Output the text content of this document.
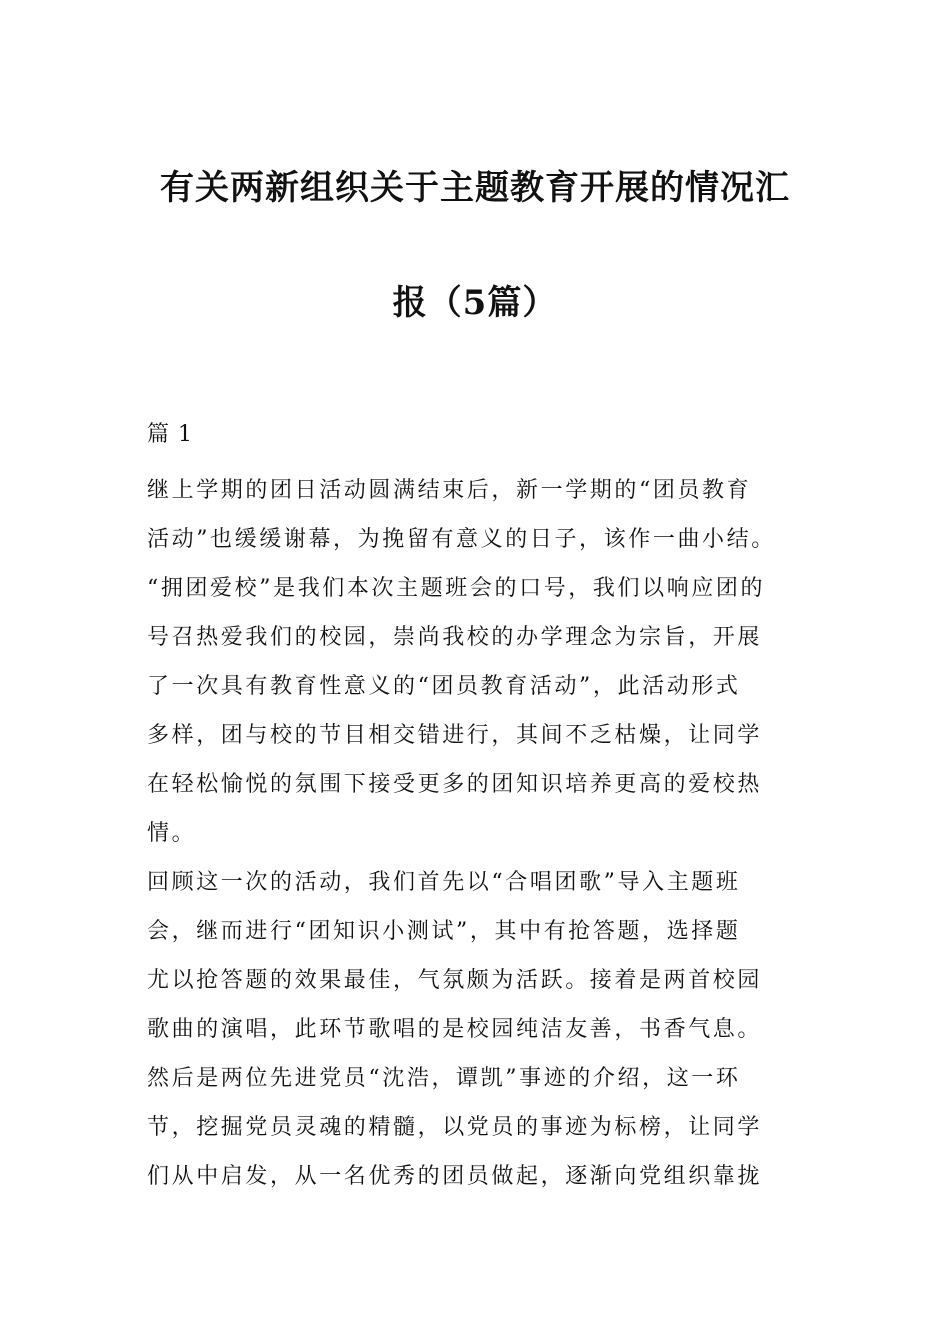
有关两新组织关于主题教育开展的情况汇
报（5篇）
篇 1
继上学期的团日活动圆满结束后，新一学期的“团员教育
活动”也缓缓谢幕，为挽留有意义的日子，该作一曲小结。
“拥团爱校”是我们本次主题班会的口号，我们以响应团的
号召热爱我们的校园，崇尚我校的办学理念为宗旨，开展
了一次具有教育性意义的“团员教育活动”，此活动形式
多样，团与校的节目相交错进行，其间不乏枯燥，让同学
在轻松愉悦的氛围下接受更多的团知识培养更高的爱校热
情。
回顾这一次的活动，我们首先以“合唱团歌”导入主题班
会，继而进行“团知识小测试”，其中有抢答题，选择题
尤以抢答题的效果最佳，气氛颇为活跃。接着是两首校园
歌曲的演唱，此环节歌唱的是校园纯洁友善，书香气息。
然后是两位先进党员“沈浩，谭凯”事迹的介绍，这一环
节，挖掘党员灵魂的精髓，以党员的事迹为标榜，让同学
们从中启发，从一名优秀的团员做起，逐渐向党组织靠拢
